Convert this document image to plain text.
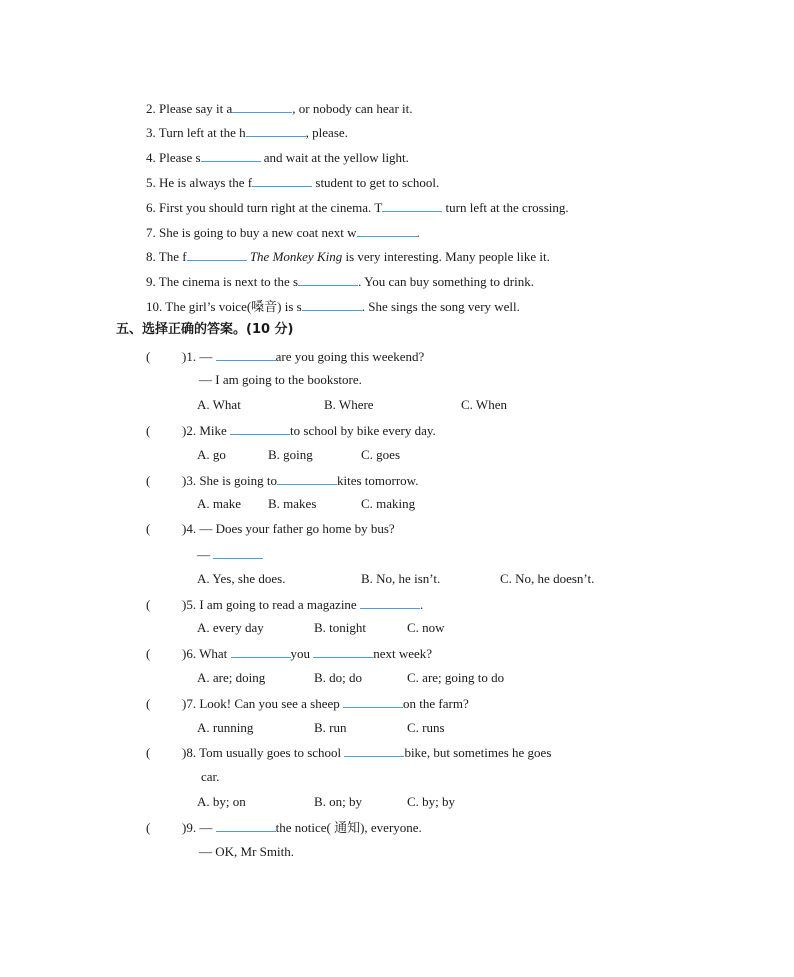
2. Please say it a	, or nobody can hear it.
3. Turn left at the h	, please.
4. Please s	and wait at the yellow light.
5. He is always the f	student to get to school.
6. First you should turn right at the cinema. T	turn left at the crossing.
7. She is going to buy a new coat next w	.
8. The f	The Monkey King is very interesting. Many people like it.
9. The cinema is next to the s	. You can buy something to drink.
10. The girl’s voice(嗓音) is s	. She sings the song very well.
五、选择正确的答案。(10 分)
( )1. —	are you going this weekend?
— I am going to the bookstore.
A. What	B. Where	C. When
( )2. Mike	to school by bike every day.
A. go	B. going	C. goes
( )3. She is going to	kites tomorrow.
A. make B. makes	C. making
( )4. — Does your father go home by bus?
—
A. Yes, she does.	B. No, he isn’t.	C. No, he doesn’t.
( )5. I am going to read a magazine	.
A. every day	B. tonight	C. now
( )6. What	you	next week?
A. are; doing	B. do; do	C. are; going to do
( )7. Look! Can you see a sheep	on the farm?
A. running	B. run	C. runs
( )8. Tom usually goes to school	bike, but sometimes he goes
car.
A. by; on	B. on; by	C. by; by
( )9. —	the notice( 通知), everyone.
— OK, Mr Smith.
